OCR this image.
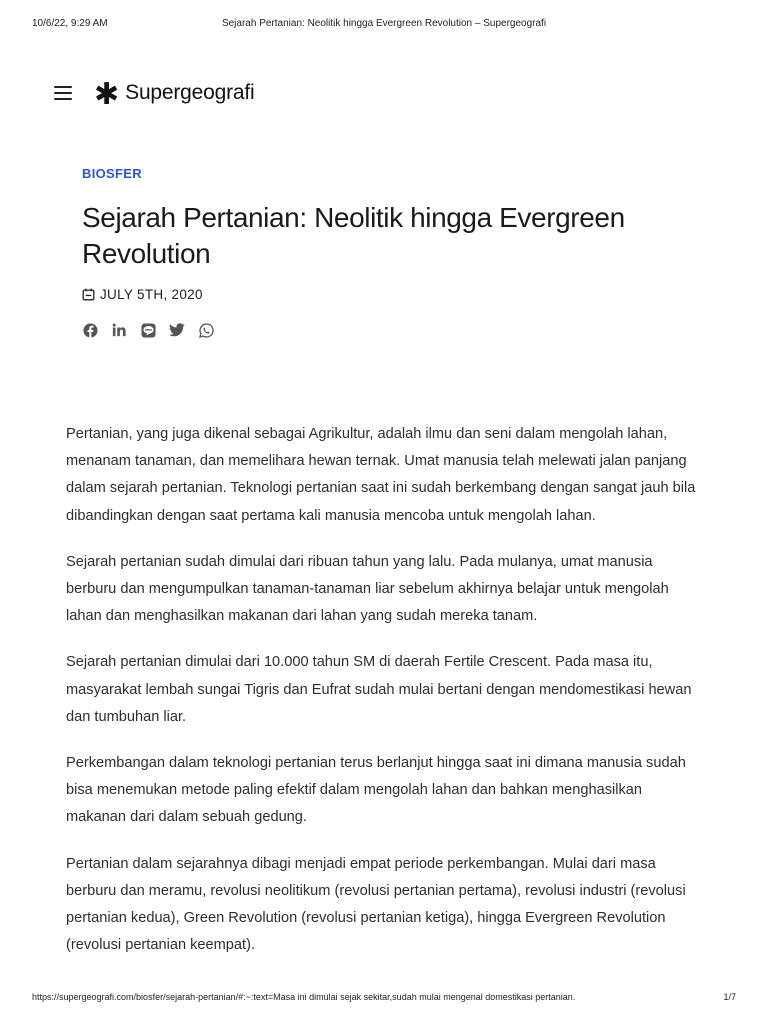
10/6/22, 9:29 AM	Sejarah Pertanian: Neolitik hingga Evergreen Revolution – Supergeografi
✱ Supergeografi
BIOSFER
Sejarah Pertanian: Neolitik hingga Evergreen Revolution
JULY 5TH, 2020

Pertanian, yang juga dikenal sebagai Agrikultur, adalah ilmu dan seni dalam mengolah lahan, menanam tanaman, dan memelihara hewan ternak. Umat manusia telah melewati jalan panjang dalam sejarah pertanian. Teknologi pertanian saat ini sudah berkembang dengan sangat jauh bila dibandingkan dengan saat pertama kali manusia mencoba untuk mengolah lahan.

Sejarah pertanian sudah dimulai dari ribuan tahun yang lalu. Pada mulanya, umat manusia berburu dan mengumpulkan tanaman-tanaman liar sebelum akhirnya belajar untuk mengolah lahan dan menghasilkan makanan dari lahan yang sudah mereka tanam.

Sejarah pertanian dimulai dari 10.000 tahun SM di daerah Fertile Crescent. Pada masa itu, masyarakat lembah sungai Tigris dan Eufrat sudah mulai bertani dengan mendomestikasi hewan dan tumbuhan liar.

Perkembangan dalam teknologi pertanian terus berlanjut hingga saat ini dimana manusia sudah bisa menemukan metode paling efektif dalam mengolah lahan dan bahkan menghasilkan makanan dari dalam sebuah gedung.

Pertanian dalam sejarahnya dibagi menjadi empat periode perkembangan. Mulai dari masa berburu dan meramu, revolusi neolitikum (revolusi pertanian pertama), revolusi industri (revolusi pertanian kedua), Green Revolution (revolusi pertanian ketiga), hingga Evergreen Revolution (revolusi pertanian keempat).

https://supergeografi.com/biosfer/sejarah-pertanian/#:~:text=Masa ini dimulai sejak sekitar,sudah mulai mengenal domestikasi pertanian.	1/7
